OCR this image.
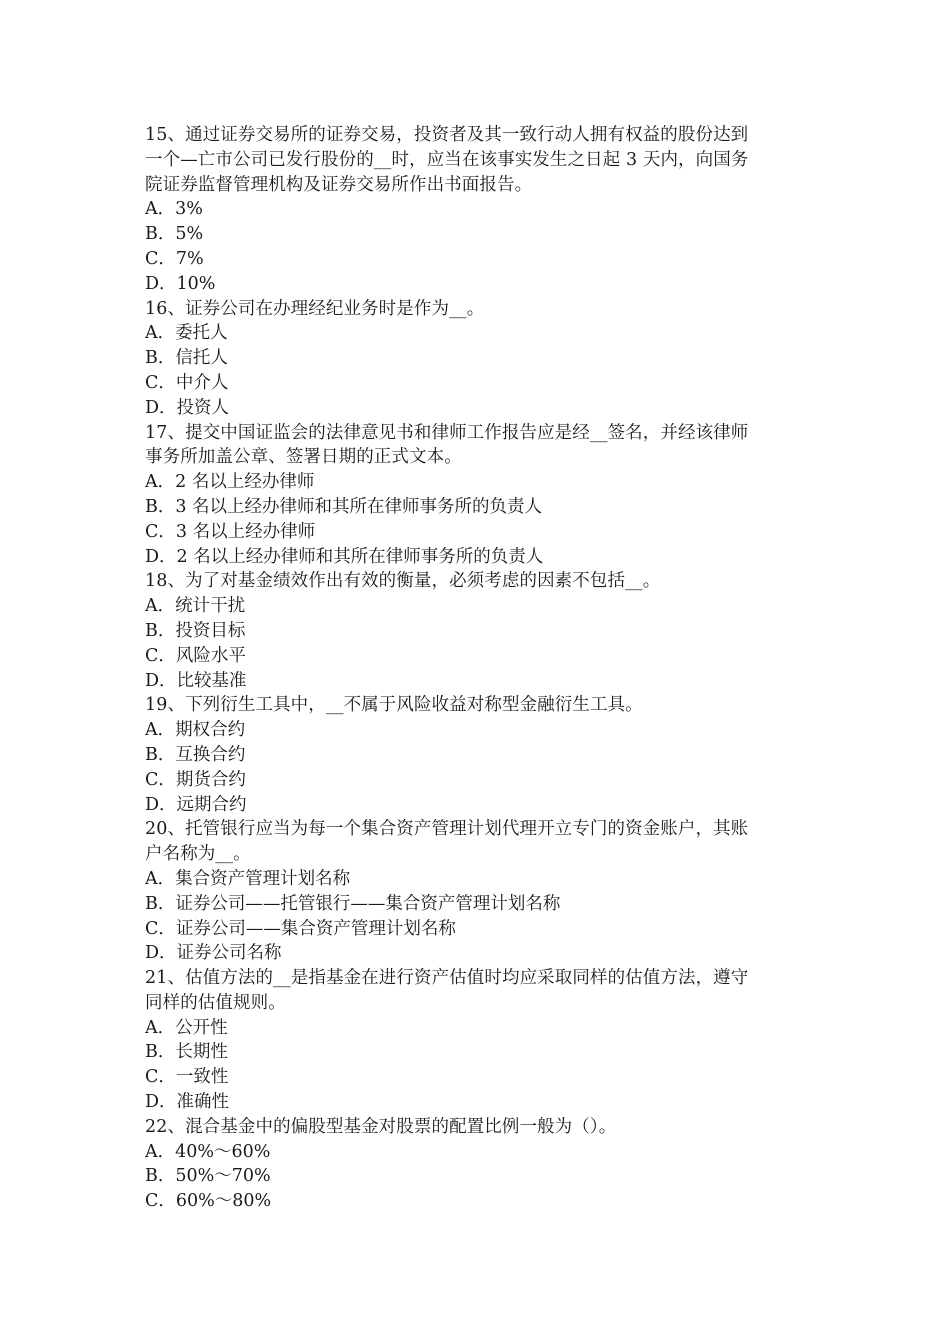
15、通过证券交易所的证券交易，投资者及其一致行动人拥有权益的股份达到
一个—亡市公司已发行股份的__时，应当在该事实发生之日起 3 天内，向国务
院证券监督管理机构及证券交易所作出书面报告。
A．3%
B．5%
C．7%
D．10%
16、证券公司在办理经纪业务时是作为__。
A．委托人
B．信托人
C．中介人
D．投资人
17、提交中国证监会的法律意见书和律师工作报告应是经__签名，并经该律师
事务所加盖公章、签署日期的正式文本。
A．2 名以上经办律师
B．3 名以上经办律师和其所在律师事务所的负责人
C．3 名以上经办律师
D．2 名以上经办律师和其所在律师事务所的负责人
18、为了对基金绩效作出有效的衡量，必须考虑的因素不包括__。
A．统计干扰
B．投资目标
C．风险水平
D．比较基准
19、下列衍生工具中，__不属于风险收益对称型金融衍生工具。
A．期权合约
B．互换合约
C．期货合约
D．远期合约
20、托管银行应当为每一个集合资产管理计划代理开立专门的资金账户，其账
户名称为__。
A．集合资产管理计划名称
B．证券公司——托管银行——集合资产管理计划名称
C．证券公司——集合资产管理计划名称
D．证券公司名称
21、估值方法的__是指基金在进行资产估值时均应采取同样的估值方法，遵守
同样的估值规则。
A．公开性
B．长期性
C．一致性
D．准确性
22、混合基金中的偏股型基金对股票的配置比例一般为（）。
A．40%～60%
B．50%～70%
C．60%～80%
